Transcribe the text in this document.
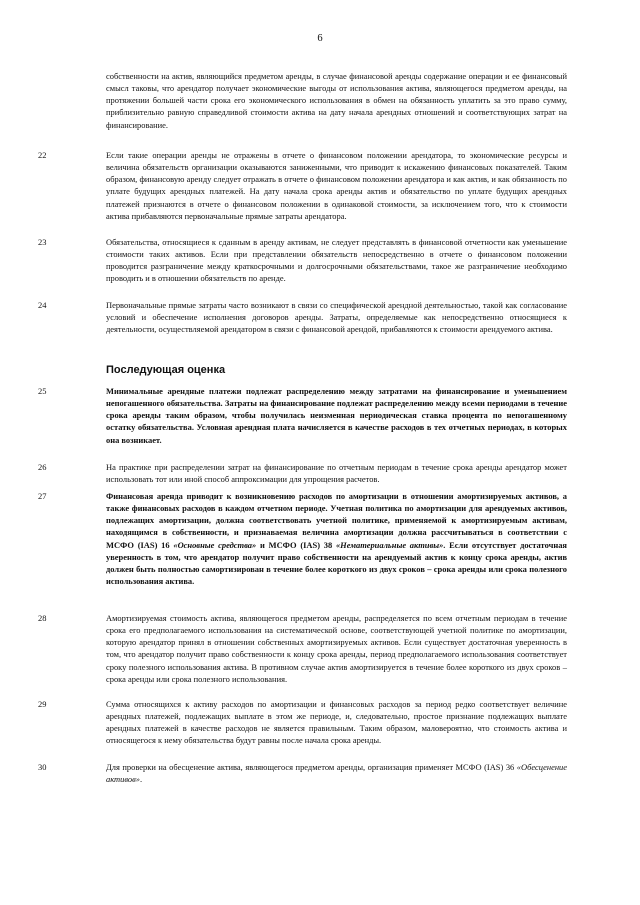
6
собственности на актив, являющийся предметом аренды, в случае финансовой аренды содержание операции и ее финансовый смысл таковы, что арендатор получает экономические выгоды от использования актива, являющегося предметом аренды, на протяжении большей части срока его экономического использования в обмен на обязанность уплатить за это право сумму, приблизительно равную справедливой стоимости актива на дату начала арендных отношений и соответствующих затрат на финансирование.
22	Если такие операции аренды не отражены в отчете о финансовом положении арендатора, то экономические ресурсы и величина обязательств организации оказываются заниженными, что приводит к искажению финансовых показателей. Таким образом, финансовую аренду следует отражать в отчете о финансовом положении арендатора и как актив, и как обязанность по уплате будущих арендных платежей. На дату начала срока аренды актив и обязательство по уплате будущих арендных платежей признаются в отчете о финансовом положении в одинаковой стоимости, за исключением того, что к стоимости актива прибавляются первоначальные прямые затраты арендатора.
23	Обязательства, относящиеся к сданным в аренду активам, не следует представлять в финансовой отчетности как уменьшение стоимости таких активов. Если при представлении обязательств непосредственно в отчете о финансовом положении проводится разграничение между краткосрочными и долгосрочными обязательствами, такое же разграничение необходимо проводить и в отношении обязательств по аренде.
24	Первоначальные прямые затраты часто возникают в связи со специфической арендной деятельностью, такой как согласование условий и обеспечение исполнения договоров аренды. Затраты, определяемые как непосредственно относящиеся к деятельности, осуществляемой арендатором в связи с финансовой арендой, прибавляются к стоимости арендуемого актива.
Последующая оценка
25	Минимальные арендные платежи подлежат распределению между затратами на финансирование и уменьшением непогашенного обязательства. Затраты на финансирование подлежат распределению между всеми периодами в течение срока аренды таким образом, чтобы получилась неизменная периодическая ставка процента по непогашенному остатку обязательства. Условная арендная плата начисляется в качестве расходов в тех отчетных периодах, в которых она возникает.
26	На практике при распределении затрат на финансирование по отчетным периодам в течение срока аренды арендатор может использовать тот или иной способ аппроксимации для упрощения расчетов.
27	Финансовая аренда приводит к возникновению расходов по амортизации в отношении амортизируемых активов, а также финансовых расходов в каждом отчетном периоде. Учетная политика по амортизации для арендуемых активов, подлежащих амортизации, должна соответствовать учетной политике, применяемой к амортизируемым активам, находящимся в собственности, и признаваемая величина амортизации должна рассчитываться в соответствии с МСФО (IAS) 16 «Основные средства» и МСФО (IAS) 38 «Нематериальные активы». Если отсутствует достаточная уверенность в том, что арендатор получит право собственности на арендуемый актив к концу срока аренды, актив должен быть полностью самортизирован в течение более короткого из двух сроков – срока аренды или срока полезного использования актива.
28	Амортизируемая стоимость актива, являющегося предметом аренды, распределяется по всем отчетным периодам в течение срока его предполагаемого использования на систематической основе, соответствующей учетной политике по амортизации, которую арендатор принял в отношении собственных амортизируемых активов. Если существует достаточная уверенность в том, что арендатор получит право собственности к концу срока аренды, период предполагаемого использования соответствует сроку полезного использования актива. В противном случае актив амортизируется в течение более короткого из двух сроков – срока аренды или срока полезного использования.
29	Сумма относящихся к активу расходов по амортизации и финансовых расходов за период редко соответствует величине арендных платежей, подлежащих выплате в этом же периоде, и, следовательно, простое признание подлежащих выплате арендных платежей в качестве расходов не является правильным. Таким образом, маловероятно, что стоимость актива и относящегося к нему обязательства будут равны после начала срока аренды.
30	Для проверки на обесценение актива, являющегося предметом аренды, организация применяет МСФО (IAS) 36 «Обесценение активов».
